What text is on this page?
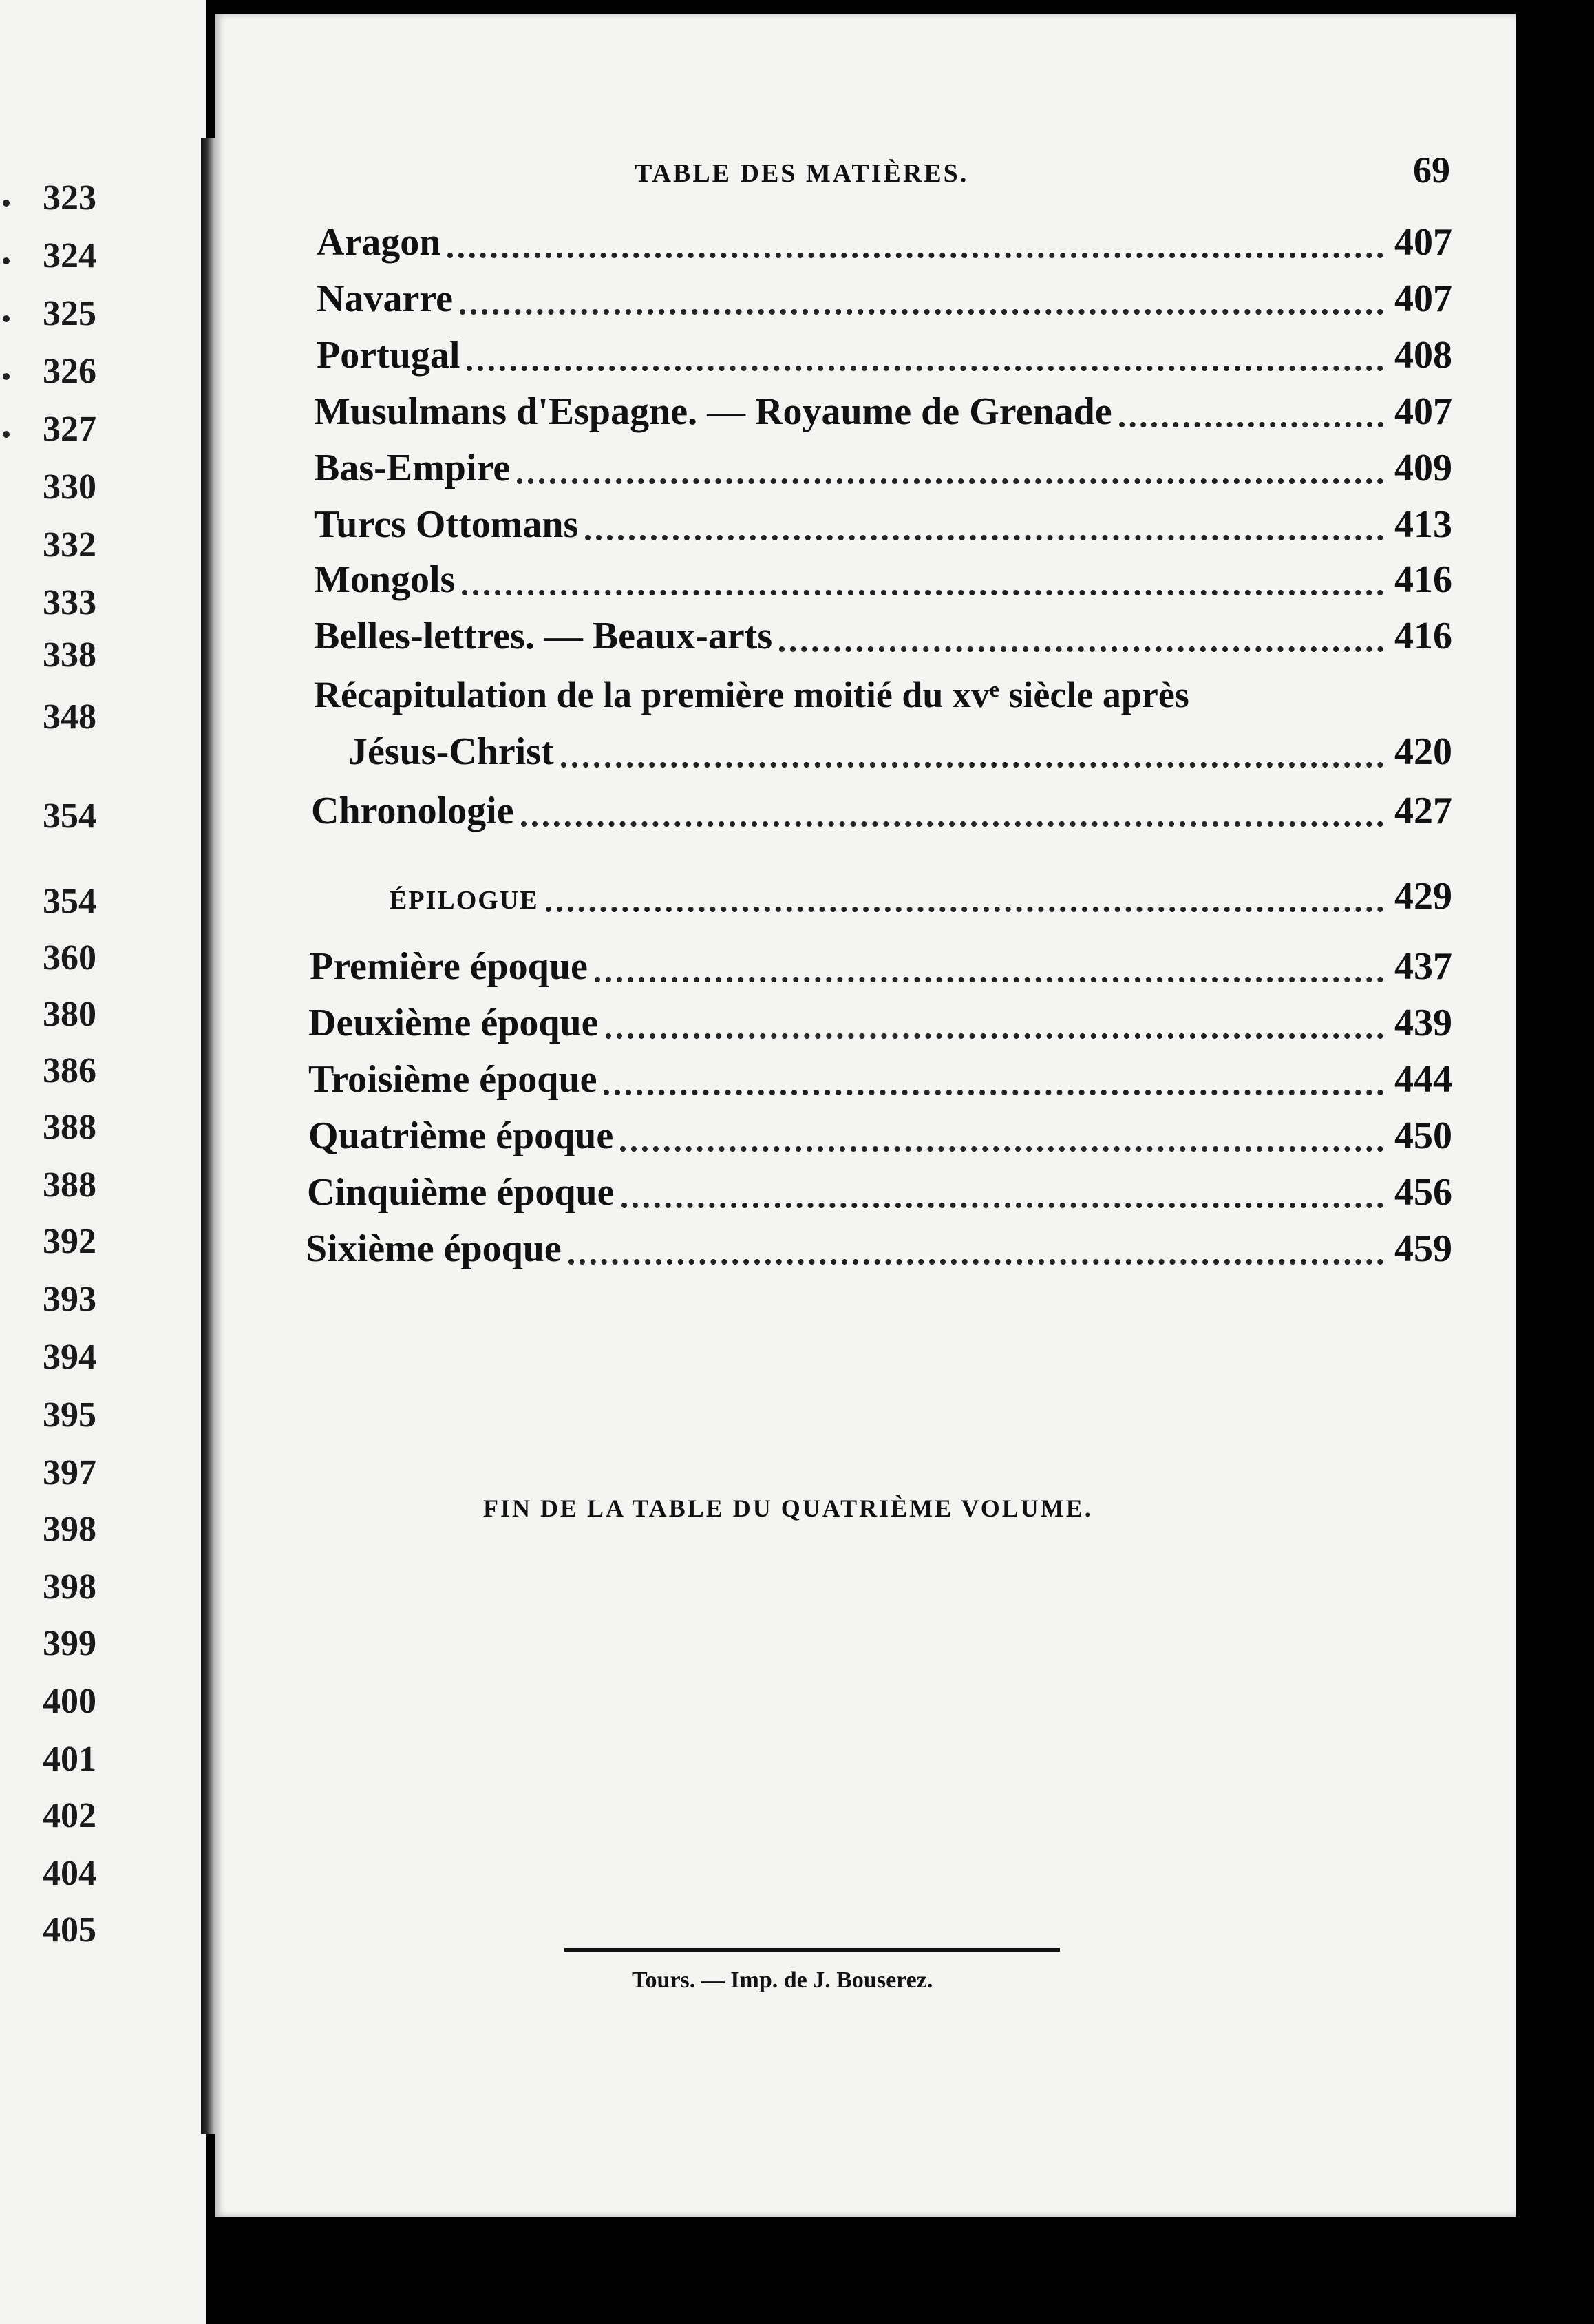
323
324
325
326
327
330
332
333
338
348
354
354
360
380
386
388
388
392
393
394
395
397
398
398
399
400
401
402
404
405
TABLE DES MATIÈRES.	69
Aragon	407
Navarre	407
Portugal	408
Musulmans d'Espagne. — Royaume de Grenade	407
Bas-Empire	409
Turcs Ottomans	413
Mongols	416
Belles-lettres. — Beaux-arts	416
Récapitulation de la première moitié du xvᵉ siècle après
Jésus-Christ	420
Chronologie	427
ÉPILOGUE	429
Première époque	437
Deuxième époque	439
Troisième époque	444
Quatrième époque	450
Cinquième époque	456
Sixième époque	459
FIN DE LA TABLE DU QUATRIÈME VOLUME.
Tours. — Imp. de J. Bouserez.
